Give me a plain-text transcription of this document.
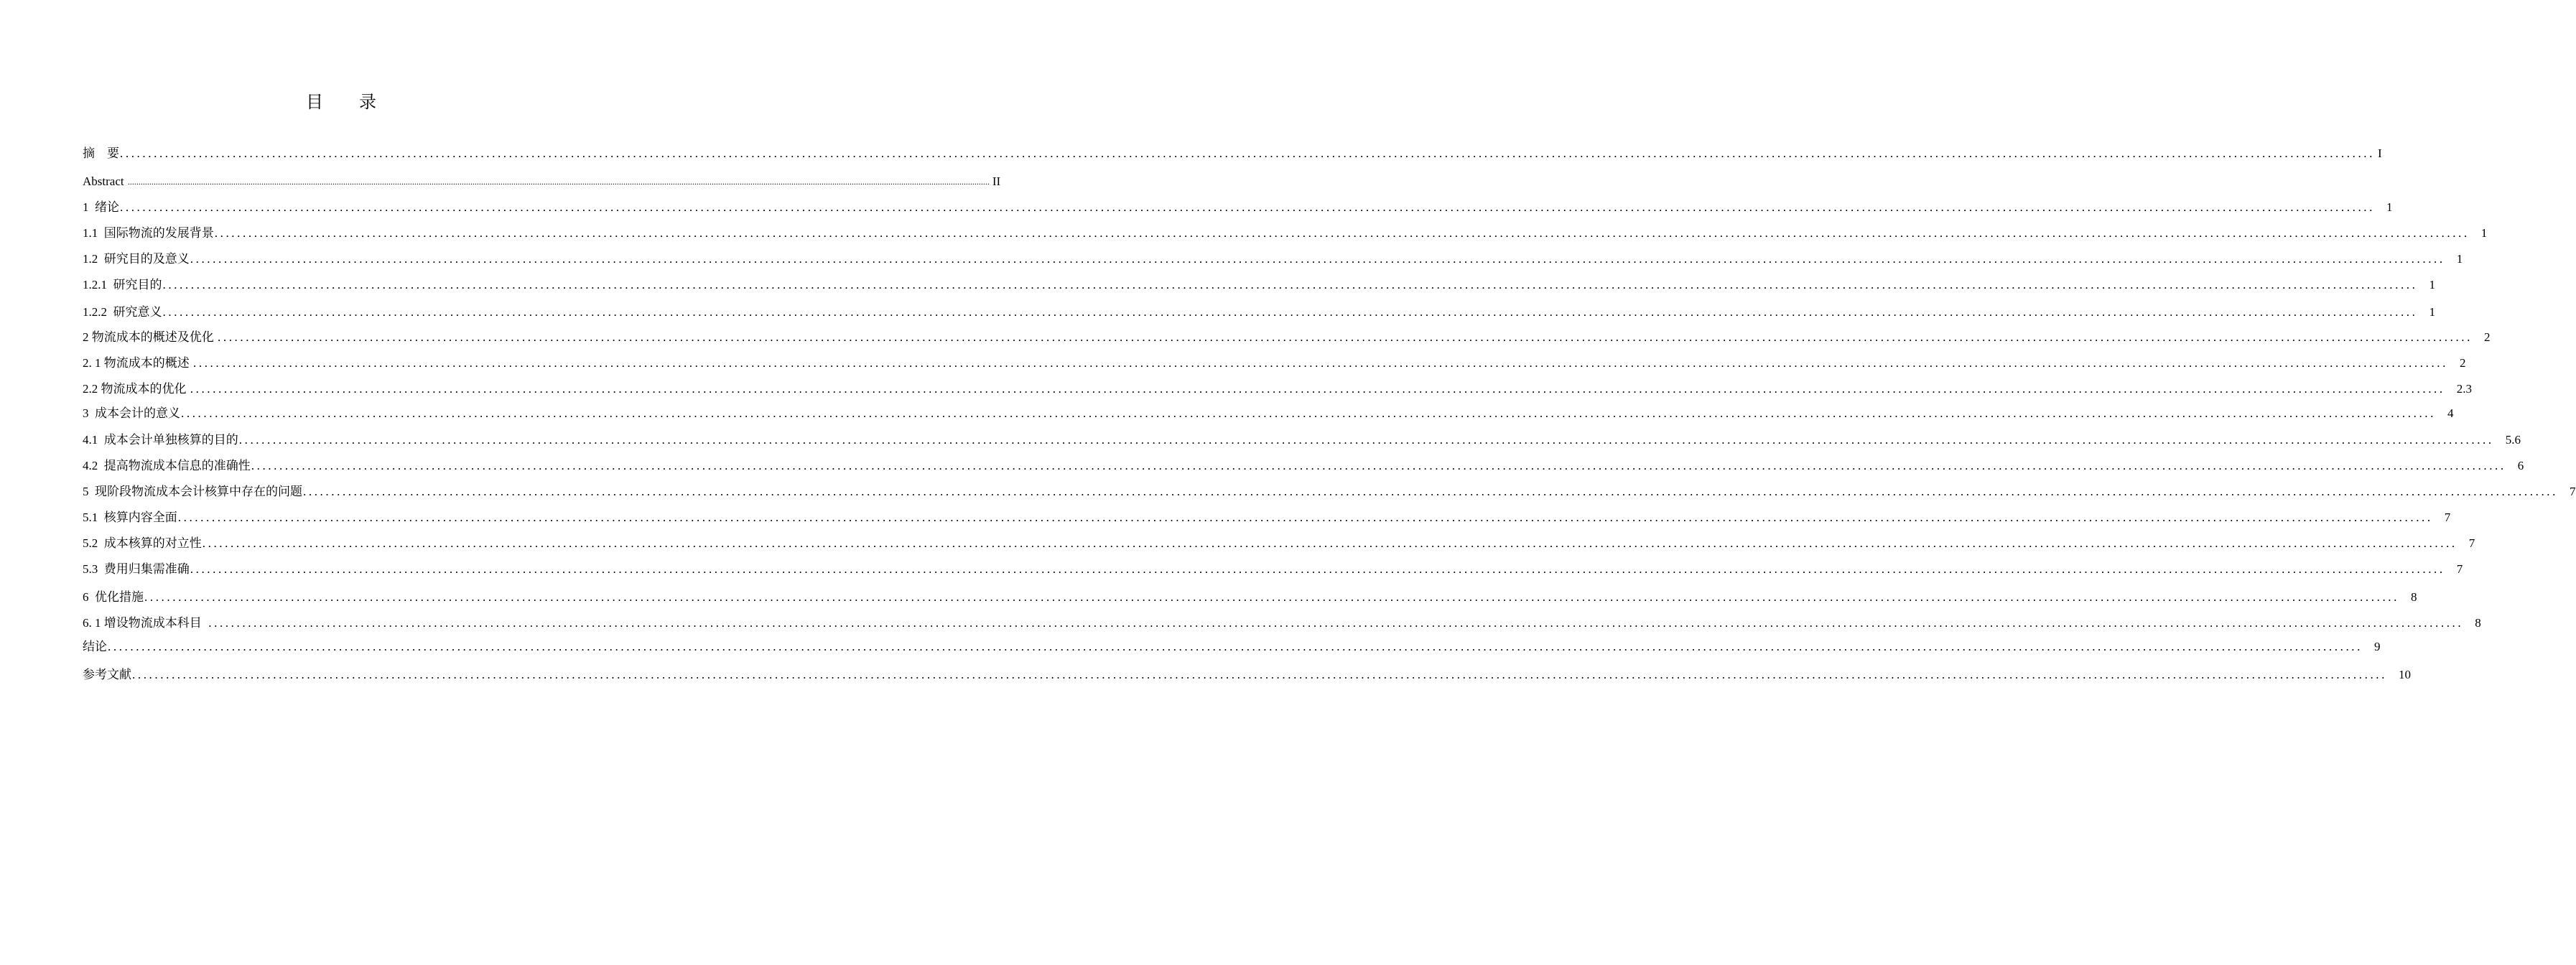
目 录
摘    要 ................................................................................................................................................................................................................................................................................................................................................................................................................ I
Abstract ................................................................................................................................................................................................................................................................................................................................................................................................................ II
1  绪论 ................................................................................................................................................................................................................................................................................................................................................................................................................ 1
1.1  国际物流的发展背景 ................................................................................................................................................................................................................................................................................................................................................................................................................ 1
1.2  研究目的及意义 ................................................................................................................................................................................................................................................................................................................................................................................................................ 1
1.2.1  研究目的 ................................................................................................................................................................................................................................................................................................................................................................................................................ 1
1.2.2  研究意义 ................................................................................................................................................................................................................................................................................................................................................................................................................ 1
2 物流成本的概述及优化 ................................................................................................................................................................................................................................................................................................................................................................................................................ 2
2. 1 物流成本的概述 ................................................................................................................................................................................................................................................................................................................................................................................................................ 2
2.2 物流成本的优化 ................................................................................................................................................................................................................................................................................................................................................................................................................ 2.3
3  成本会计的意义 ................................................................................................................................................................................................................................................................................................................................................................................................................ 4
4.1  成本会计单独核算的目的 ................................................................................................................................................................................................................................................................................................................................................................................................................ 5.6
4.2  提高物流成本信息的准确性 ................................................................................................................................................................................................................................................................................................................................................................................................................ 6
5  现阶段物流成本会计核算中存在的问题 ................................................................................................................................................................................................................................................................................................................................................................................................................ 7
5.1  核算内容全面 ................................................................................................................................................................................................................................................................................................................................................................................................................ 7
5.2  成本核算的对立性 ................................................................................................................................................................................................................................................................................................................................................................................................................ 7
5.3  费用归集需准确 ................................................................................................................................................................................................................................................................................................................................................................................................................ 7
6  优化措施 ................................................................................................................................................................................................................................................................................................................................................................................................................ 8
6. 1 增设物流成本科目 ................................................................................................................................................................................................................................................................................................................................................................................................................ 8
结论 ................................................................................................................................................................................................................................................................................................................................................................................................................ 9
参考文献 ................................................................................................................................................................................................................................................................................................................................................................................................................ 10
